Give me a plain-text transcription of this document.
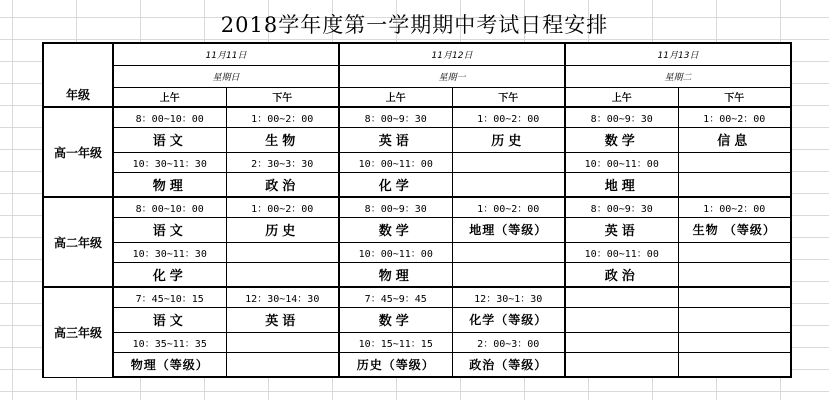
2018学年度第一学期期中考试日程安排
年级	11月11日		11月12日		11月13日	
	星期日		星期一		星期二	
	上午	下午	上午	下午	上午	下午
高一年级	8：00~10：00	1：00~2：00	8：00~9：30	1：00~2：00	8：00~9：30	1：00~2：00
	语文	生物	英语	历史	数学	信息
	10：30~11：30	2：30~3：30	10：00~11：00		10：00~11：00	
	物理	政治	化学		地理	
高二年级	8：00~10：00	1：00~2：00	8：00~9：30	1：00~2：00	8：00~9：30	1：00~2：00
	语文	历史	数学	地理（等级）	英语	生物 （等级）
	10：30~11：30		10：00~11：00		10：00~11：00	
	化学		物理		政治	
高三年级	7：45~10：15	12：30~14：30	7：45~9：45	12：30~1：30		
	语文	英语	数学	化学（等级）		
	10：35~11：35		10：15~11：15	2：00~3：00		
	物理（等级）		历史（等级）	政治（等级）		
